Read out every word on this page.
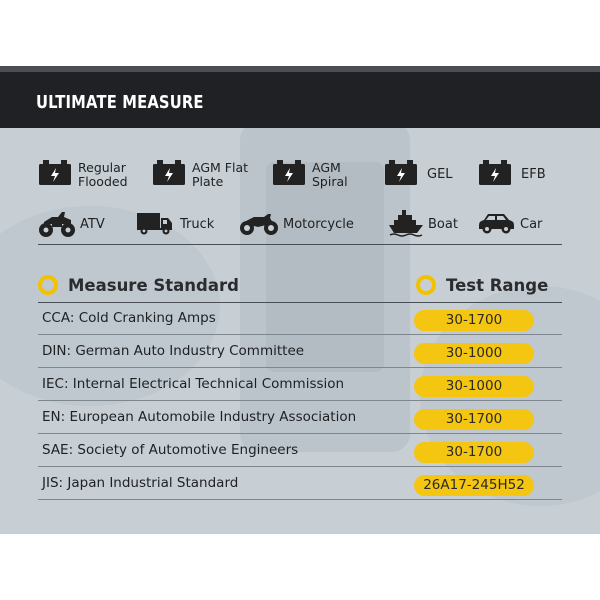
ULTIMATE MEASURE
Regular
Flooded
AGM Flat
Plate
AGM
Spiral	GEL	EFB
ATV	Truck	Motorcycle	Boat	Car
Measure Standard	Test Range
CCA: Cold Cranking Amps	30-1700
DIN: German Auto Industry Committee	30-1000
IEC: Internal Electrical Technical Commission	30-1000
EN: European Automobile Industry Association	30-1700
SAE: Society of Automotive Engineers	30-1700
JIS: Japan Industrial Standard	26A17-245H52
